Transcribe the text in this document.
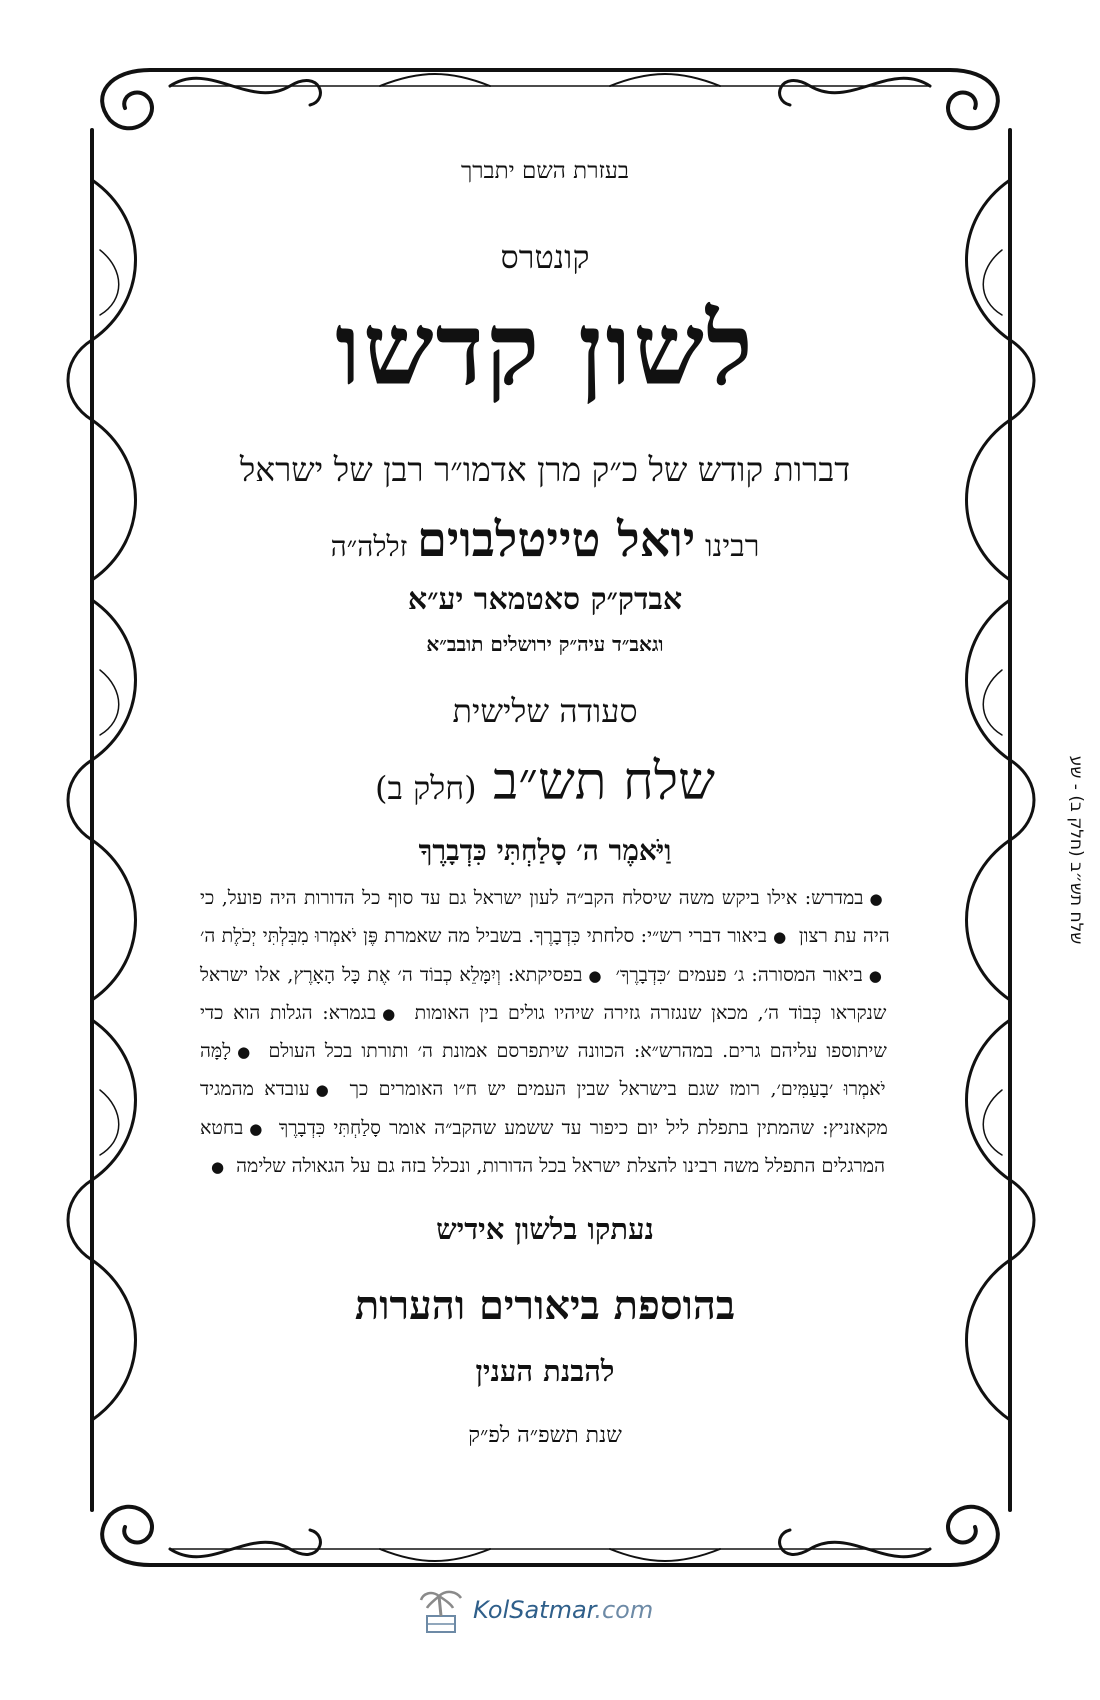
בעזרת השם יתברך
קונטרס
לשון קדשו
דברות קודש של כ״ק מרן אדמו״ר רבן של ישראל
רבינו יואל טייטלבוים זללה״ה
אבדק״ק סאטמאר יע״א
וגאב״ד עיה״ק ירושלים תובב״א
סעודה שלישית
שלח תש״ב (חלק ב)
וַיֹּאמֶר ה׳ סָלַחְתִּי כִּדְבָרֶךָ
●במדרש: אילו ביקש משה שיסלח הקב״ה לעון ישראל גם עד סוף כל הדורות היה פועל, כי היה עת רצון ●ביאור דברי רש״י: סלחתי כִּדְבָרֶךָ. בשביל מה שאמרת פֶּן יֹאמְרוּ מִבִּלְתִּי יְכֹלֶת ה׳ ●ביאור המסורה: ג׳ פעמים ׳כִּדְבָרֶךָ׳ ●בפסיקתא: וְיִמָּלֵא כְבוֹד ה׳ אֶת כָּל הָאָרֶץ, אלו ישראל שנקראו כְּבוֹד ה׳, מכאן שנגזרה גזירה שיהיו גולים בין האומות ●בגמרא: הגלות הוא כדי שיתוספו עליהם גרים. במהרש״א: הכוונה שיתפרסם אמונת ה׳ ותורתו בכל העולם ●לָמָּה יֹאמְרוּ ׳בָעַמִּים׳, רומז שגם בישראל שבין העמים יש ח״ו האומרים כך ●עובדא מהמגיד מקאזניץ: שהמתין בתפלת ליל יום כיפור עד ששמע שהקב״ה אומר סָלַחְתִּי כִּדְבָרֶךָ ●בחטא המרגלים התפלל משה רבינו להצלת ישראל בכל הדורות, ונכלל בזה גם על הגאולה שלימה ●
נעתקו בלשון אידיש
בהוספת ביאורים והערות
להבנת הענין
שנת תשפ״ה לפ״ק
שלח תש״ב (חלק ב) - שע
KolSatmar.com
